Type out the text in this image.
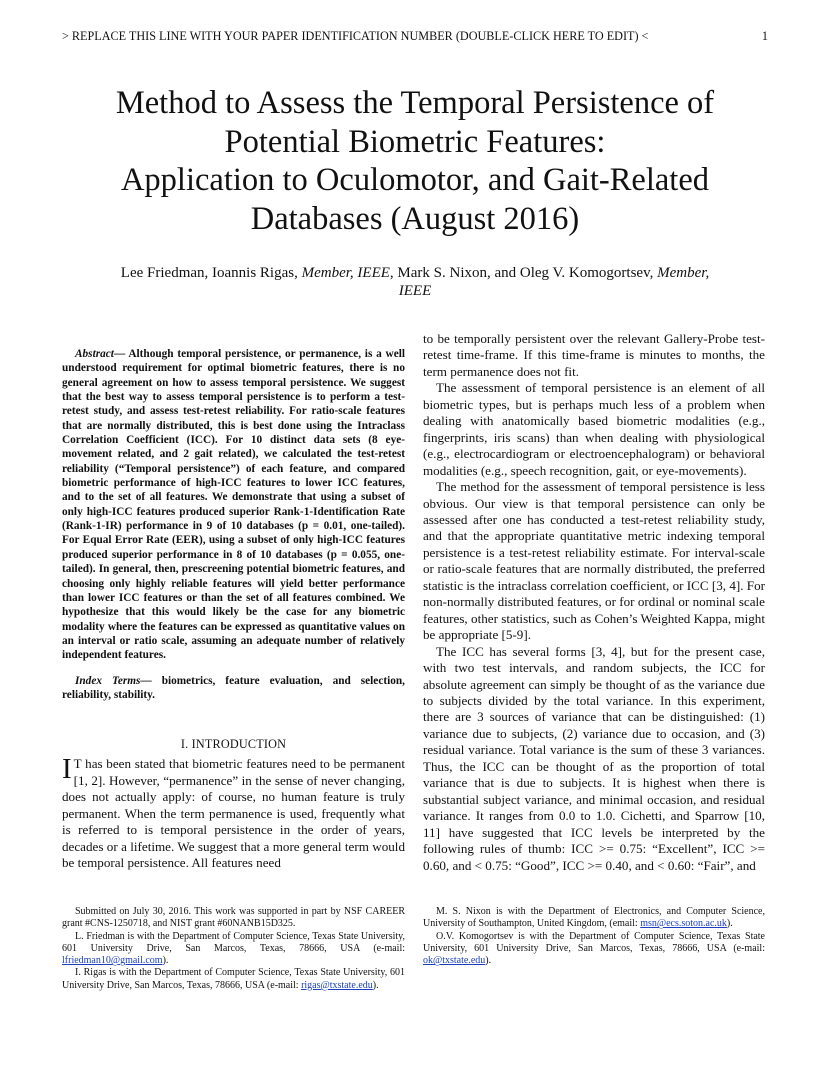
> REPLACE THIS LINE WITH YOUR PAPER IDENTIFICATION NUMBER (DOUBLE-CLICK HERE TO EDIT) <	1
Method to Assess the Temporal Persistence of
Potential Biometric Features:
Application to Oculomotor, and Gait-Related
Databases (August 2016)
Lee Friedman, Ioannis Rigas, Member, IEEE, Mark S. Nixon, and Oleg V. Komogortsev, Member,
IEEE

Abstract— Although temporal persistence, or permanence, is a well understood requirement for optimal biometric features, there is no general agreement on how to assess temporal persistence. We suggest that the best way to assess temporal persistence is to perform a test-retest study, and assess test-retest reliability. For ratio-scale features that are normally distributed, this is best done using the Intraclass Correlation Coefficient (ICC). For 10 distinct data sets (8 eye-movement related, and 2 gait related), we calculated the test-retest reliability (“Temporal persistence”) of each feature, and compared biometric performance of high-ICC features to lower ICC features, and to the set of all features. We demonstrate that using a subset of only high-ICC features produced superior Rank-1-Identification Rate (Rank-1-IR) performance in 9 of 10 databases (p = 0.01, one-tailed). For Equal Error Rate (EER), using a subset of only high-ICC features produced superior performance in 8 of 10 databases (p = 0.055, one-tailed). In general, then, prescreening potential biometric features, and choosing only highly reliable features will yield better performance than lower ICC features or than the set of all features combined. We hypothesize that this would likely be the case for any biometric modality where the features can be expressed as quantitative values on an interval or ratio scale, assuming an adequate number of relatively independent features.

Index Terms— biometrics, feature evaluation, and selection, reliability, stability.

I. INTRODUCTION

I T has been stated that biometric features need to be permanent [1, 2]. However, “permanence” in the sense of never changing, does not actually apply: of course, no human feature is truly permanent. When the term permanence is used, frequently what is referred to is temporal persistence in the order of years, decades or a lifetime. We suggest that a more general term would be temporal persistence. All features need

to be temporally persistent over the relevant Gallery-Probe test-retest time-frame. If this time-frame is minutes to months, the term permanence does not fit.

The assessment of temporal persistence is an element of all biometric types, but is perhaps much less of a problem when dealing with anatomically based biometric modalities (e.g., fingerprints, iris scans) than when dealing with physiological (e.g., electrocardiogram or electroencephalogram) or behavioral modalities (e.g., speech recognition, gait, or eye-movements).

The method for the assessment of temporal persistence is less obvious. Our view is that temporal persistence can only be assessed after one has conducted a test-retest reliability study, and that the appropriate quantitative metric indexing temporal persistence is a test-retest reliability estimate. For interval-scale or ratio-scale features that are normally distributed, the preferred statistic is the intraclass correlation coefficient, or ICC [3, 4]. For non-normally distributed features, or for ordinal or nominal scale features, other statistics, such as Cohen’s Weighted Kappa, might be appropriate [5-9].

The ICC has several forms [3, 4], but for the present case, with two test intervals, and random subjects, the ICC for absolute agreement can simply be thought of as the variance due to subjects divided by the total variance. In this experiment, there are 3 sources of variance that can be distinguished: (1) variance due to subjects, (2) variance due to occasion, and (3) residual variance. Total variance is the sum of these 3 variances. Thus, the ICC can be thought of as the proportion of total variance that is due to subjects. It is highest when there is substantial subject variance, and minimal occasion, and residual variance. It ranges from 0.0 to 1.0. Cichetti, and Sparrow [10, 11] have suggested that ICC levels be interpreted by the following rules of thumb: ICC >= 0.75: “Excellent”, ICC >= 0.60, and < 0.75: “Good”, ICC >= 0.40, and < 0.60: “Fair”, and

Submitted on July 30, 2016. This work was supported in part by NSF CAREER grant #CNS-1250718, and NIST grant #60NANB15D325.

L. Friedman is with the Department of Computer Science, Texas State University, 601 University Drive, San Marcos, Texas, 78666, USA (e-mail: lfriedman10@gmail.com).

I. Rigas is with the Department of Computer Science, Texas State University, 601 University Drive, San Marcos, Texas, 78666, USA (e-mail: rigas@txstate.edu).

M. S. Nixon is with the Department of Electronics, and Computer Science, University of Southampton, United Kingdom, (email: msn@ecs.soton.ac.uk).

O.V. Komogortsev is with the Department of Computer Science, Texas State University, 601 University Drive, San Marcos, Texas, 78666, USA (e-mail: ok@txstate.edu).
